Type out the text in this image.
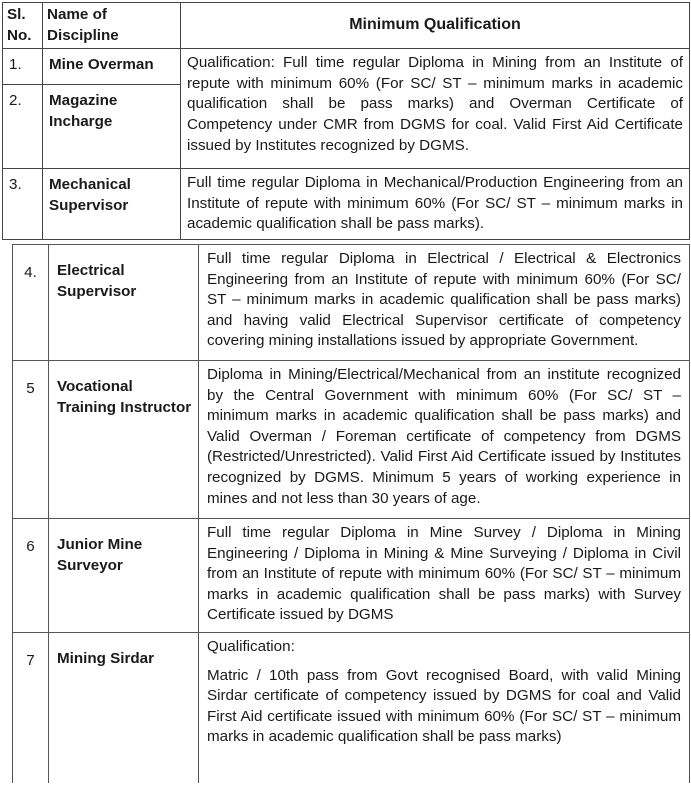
Sl. No.	Name of Discipline	Minimum Qualification
1.	Mine Overman	Qualification: Full time regular Diploma in Mining from an Institute of repute with minimum 60% (For SC/ ST – minimum marks in academic qualification shall be pass marks) and Overman Certificate of Competency under CMR from DGMS for coal. Valid First Aid Certificate issued by Institutes recognized by DGMS.
2.	Magazine Incharge	
3.	Mechanical Supervisor	Full time regular Diploma in Mechanical/Production Engineering from an Institute of repute with minimum 60% (For SC/ ST – minimum marks in academic qualification shall be pass marks).
4.	Electrical Supervisor	Full time regular Diploma in Electrical / Electrical & Electronics Engineering from an Institute of repute with minimum 60% (For SC/ ST – minimum marks in academic qualification shall be pass marks) and having valid Electrical Supervisor certificate of competency covering mining installations issued by appropriate Government.
5	Vocational Training Instructor	Diploma in Mining/Electrical/Mechanical from an institute recognized by the Central Government with minimum 60% (For SC/ ST – minimum marks in academic qualification shall be pass marks) and Valid Overman / Foreman certificate of competency from DGMS (Restricted/Unrestricted). Valid First Aid Certificate issued by Institutes recognized by DGMS. Minimum 5 years of working experience in mines and not less than 30 years of age.
6	Junior Mine Surveyor	Full time regular Diploma in Mine Survey / Diploma in Mining Engineering / Diploma in Mining & Mine Surveying / Diploma in Civil from an Institute of repute with minimum 60% (For SC/ ST – minimum marks in academic qualification shall be pass marks) with Survey Certificate issued by DGMS
7	Mining Sirdar	Qualification:
Matric / 10th pass from Govt recognised Board, with valid Mining Sirdar certificate of competency issued by DGMS for coal and Valid First Aid certificate issued with minimum 60% (For SC/ ST – minimum marks in academic qualification shall be pass marks)
